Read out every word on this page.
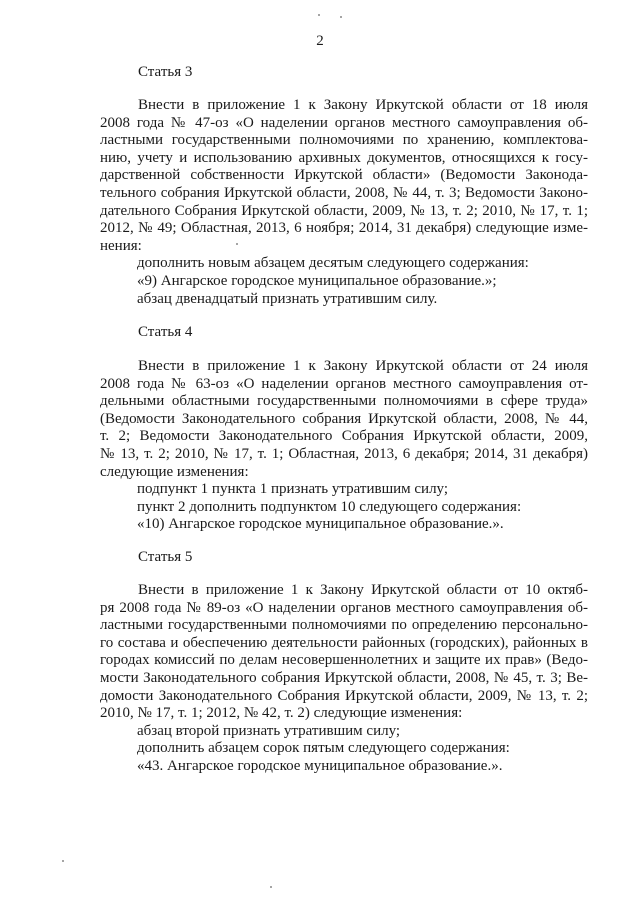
2
Статья 3
Внести в приложение 1 к Закону Иркутской области от 18 июля
2008 года № 47-оз «О наделении органов местного самоуправления об-
ластными государственными полномочиями по хранению, комплектова-
нию, учету и использованию архивных документов, относящихся к госу-
дарственной собственности Иркутской области» (Ведомости Законода-
тельного собрания Иркутской области, 2008, № 44, т. 3; Ведомости Законо-
дательного Собрания Иркутской области, 2009, № 13, т. 2; 2010, № 17, т. 1;
2012, № 49; Областная, 2013, 6 ноября; 2014, 31 декабря) следующие изме-
нения:
дополнить новым абзацем десятым следующего содержания:
«9) Ангарское городское муниципальное образование.»;
абзац двенадцатый признать утратившим силу.
Статья 4
Внести в приложение 1 к Закону Иркутской области от 24 июля
2008 года № 63-оз «О наделении органов местного самоуправления от-
дельными областными государственными полномочиями в сфере труда»
(Ведомости Законодательного собрания Иркутской области, 2008, № 44,
т. 2; Ведомости Законодательного Собрания Иркутской области, 2009,
№ 13, т. 2; 2010, № 17, т. 1; Областная, 2013, 6 декабря; 2014, 31 декабря)
следующие изменения:
подпункт 1 пункта 1 признать утратившим силу;
пункт 2 дополнить подпунктом 10 следующего содержания:
«10) Ангарское городское муниципальное образование.».
Статья 5
Внести в приложение 1 к Закону Иркутской области от 10 октяб-
ря 2008 года № 89-оз «О наделении органов местного самоуправления об-
ластными государственными полномочиями по определению персонально-
го состава и обеспечению деятельности районных (городских), районных в
городах комиссий по делам несовершеннолетних и защите их прав» (Ведо-
мости Законодательного собрания Иркутской области, 2008, № 45, т. 3; Ве-
домости Законодательного Собрания Иркутской области, 2009, № 13, т. 2;
2010, № 17, т. 1; 2012, № 42, т. 2) следующие изменения:
абзац второй признать утратившим силу;
дополнить абзацем сорок пятым следующего содержания:
«43. Ангарское городское муниципальное образование.».
